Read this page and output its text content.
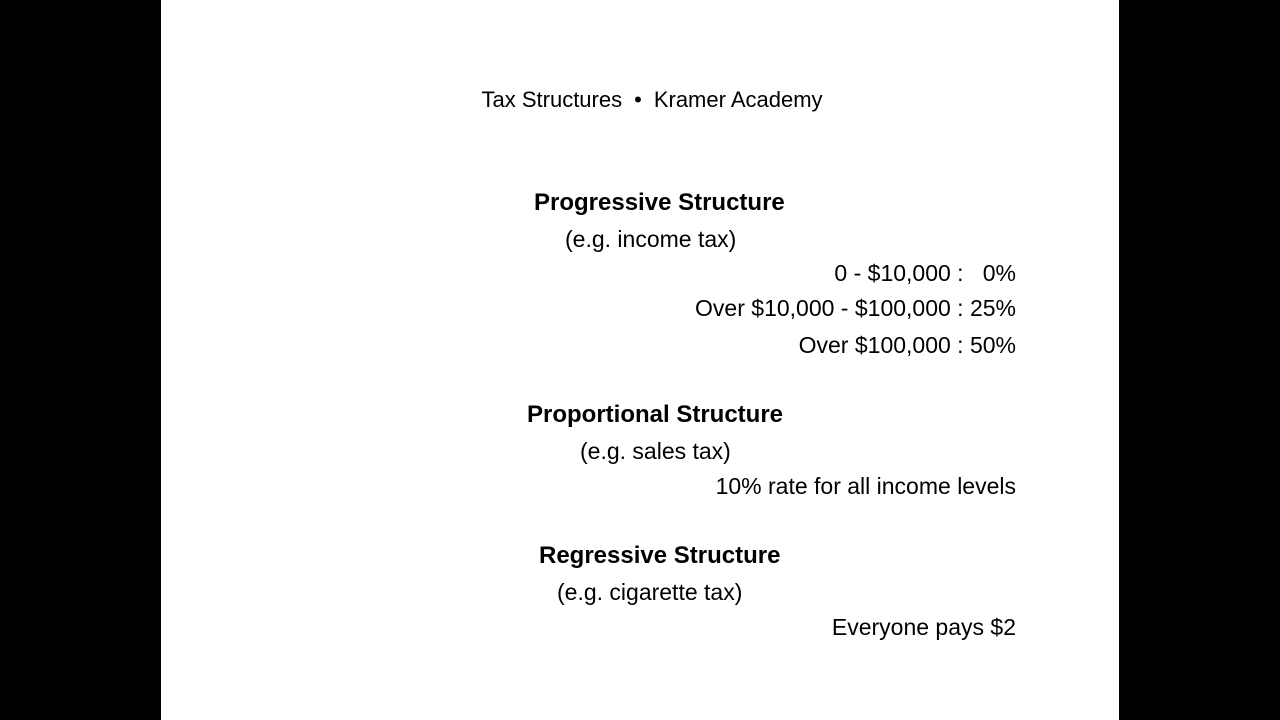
Tax Structures • Kramer Academy

Progressive Structure
(e.g. income tax)
0 - $10,000 :   0%
Over $10,000 - $100,000 : 25%
Over $100,000 : 50%
Proportional Structure
(e.g. sales tax)
10% rate for all income levels
Regressive Structure
(e.g. cigarette tax)
Everyone pays $2
